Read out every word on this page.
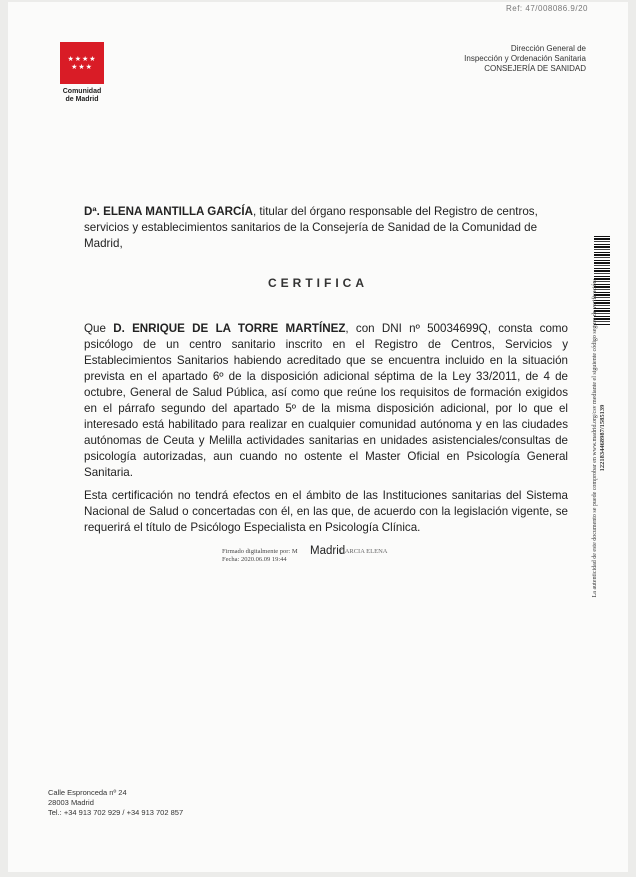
Ref: 47/008086.9/20
★★★★ ★★★
Comunidad
de Madrid
Dirección General de
Inspección y Ordenación Sanitaria
CONSEJERÍA DE SANIDAD
Dª. ELENA MANTILLA GARCÍA, titular del órgano responsable del Registro de centros, servicios y establecimientos sanitarios de la Consejería de Sanidad de la Comunidad de Madrid,
CERTIFICA
Que D. ENRIQUE DE LA TORRE MARTÍNEZ, con DNI nº 50034699Q, consta como psicólogo de un centro sanitario inscrito en el Registro de Centros, Servicios y Establecimientos Sanitarios habiendo acreditado que se encuentra incluido en la situación prevista en el apartado 6º de la disposición adicional séptima de la Ley 33/2011, de 4 de octubre, General de Salud Pública, así como que reúne los requisitos de formación exigidos en el párrafo segundo del apartado 5º de la misma disposición adicional, por lo que el interesado está habilitado para realizar en cualquier comunidad autónoma y en las ciudades autónomas de Ceuta y Melilla actividades sanitarias en unidades asistenciales/consultas de psicología autorizadas, aun cuando no ostente el Master Oficial en Psicología General Sanitaria.
Esta certificación no tendrá efectos en el ámbito de las Instituciones sanitarias del Sistema Nacional de Salud o concertadas con él, en las que, de acuerdo con la legislación vigente, se requerirá el título de Psicólogo Especialista en Psicología Clínica.
Firmado digitalmente por: M
Fecha: 2020.06.09 19:44
Madrid
GARCIA ELENA
Calle Espronceda nº 24
28003 Madrid
Tel.: +34 913 702 929 / +34 913 702 857
La autenticidad de este documento se puede comprobar en www.madrid.org/csv mediante el siguiente código seguro de verificación:
1221834468987/1585139
